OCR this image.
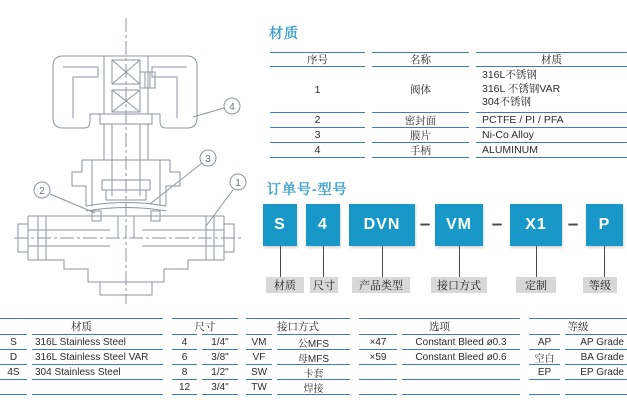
4
3
2
1
材质
序号	名称	材质
1	阀体
316L不锈钢
316L 不锈钢VAR
304不锈钢
2	密封面	PCTFE / PI / PFA
3	膜片	Ni-Co Alloy
4	手柄	ALUMINUM
订单号-型号
S	4	DVN	– VM	–	X1	–	P
材质	尺寸	产品类型	接口方式	定制	等级
材质
S	316L Stainless Steel
D	316L Stainless Steel VAR
4S	304 Stainless Steel
尺寸
4	1/4"
6	3/8"
8	1/2"
12	3/4"
接口方式
VM	公MFS
VF	母MFS
SW	卡套
TW	焊接
选项
×47	Constant Bleed ø0.3
×59	Constant Bleed ø0.6
等级
AP	AP Grade
空白	BA Grade
EP	EP Grade
